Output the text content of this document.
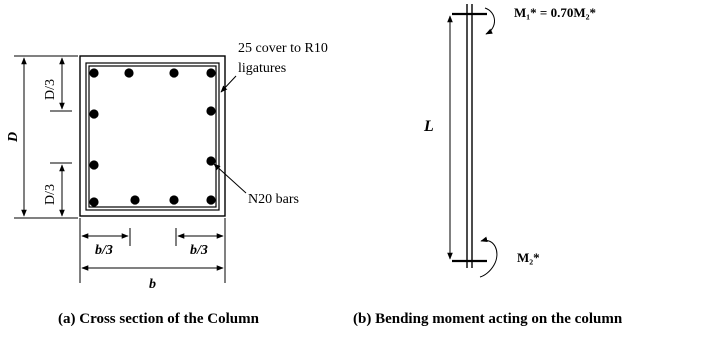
25 cover to R10
ligatures
N20 bars
D
D/3
D/3
b/3	b/3
b
(a) Cross section of the Column
L
M₁* = 0.70M₂*
M₂*
(b) Bending moment acting on the column
